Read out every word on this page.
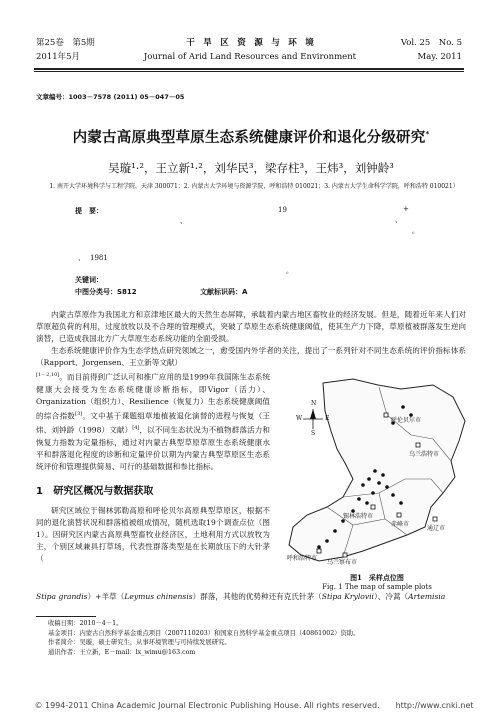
第25卷　第5期
2011年5月
干　旱　区　资　源　与　环　境
Journal of Arid Land Resources and Environment
Vol. 25　No. 5
May. 2011
文章编号：1003－7578 (2011) 05－047－05
内蒙古高原典型草原生态系统健康评价和退化分级研究*
吴璇¹·²，王立新¹·²，刘华民³，梁存柱³，王炜³，刘钟龄³
1. 南开大学环境科学与工程学院，天津 300071；2. 内蒙古大学环境与资源学院，呼和浩特 010021；3. 内蒙古大学生命科学学院，呼和浩特 010021）
提　要：	19	+
、
。
、
1981
、
。
关键词：
中图分类号：S812	文献标识码：A

内蒙古草原作为我国北方和京津地区最大的天然生态屏障，承载着内蒙古地区畜牧业的经济发展。但是，随着近年来人们对草原超负荷的利用，过度放牧以及不合理的管理模式，突破了草原生态系统健康阈值，使其生产力下降，草原植被群落发生逆向演替，已造成我国北方广大草原生态系统功能的全面受损。

生态系统健康评价作为生态学热点研究领域之一，愈受国内外学者的关注，提出了一系列针对不同生态系统的评价指标体系（Rapport、Jorgensen、王立新等文献）

[1－2,10]。而目前得到广泛认可和推广应用的是1999年我国陈生态系统健康大会接受为生态系统健康诊断指标，即Vigor（活力）、Organization（组织力）、Resilience（恢复力）生态系统健康阈值的综合指数[3]。文中基于课题组草地植被退化演替的进程与恢复（王炜、刘钟龄（1998）文献）[4]，以不同生态状况为不植物群落活力和恢复力指数为定量指标，通过对内蒙古典型草原草原生态系统健康水平和群落退化程度的诊断和定量评价以期为内蒙古典型草原区生态系统评价和管理提供简易、可行的基础数据和参比指标。

1 研究区概况与数据获取

研究区域位于锡林郭勒高原和呼伦贝尔高原典型草原区，根据不同的退化演替状况和群落植被组成情况，随机选取19个调查点位（图1）。因研究区内蒙古高原典型畜牧业经济区，土地利用方式以放牧为主，个别区域兼具打草场，代表性群落类型是在长期放压下的大针茅（

Stipa grandis）+羊草（Leymus chinensis）群落，其他的优势种还有克氏针茅（Stipa Krylovii）、冷蒿（Artemisia
N
W	E
S
呼伦贝尔市
乌兰浩特市
锡林浩特市
赤峰市
通辽市
呼和浩特市
乌兰察布市
图1　采样点位图
Fig. 1 The map of sample plots
收稿日期：2010－4－1。
基金项目：内蒙古自然科学基金重点项目（2007110203）和国家自然科学基金重点项目（40861002）资助。
作者简介：吴璇，硕士研究生，从事环境管理与可持续发展研究。
通讯作者：王立新，E－mail：lx_wimu@163.com
© 1994-2011 China Academic Journal Electronic Publishing House. All rights reserved.　　http://www.cnki.net
